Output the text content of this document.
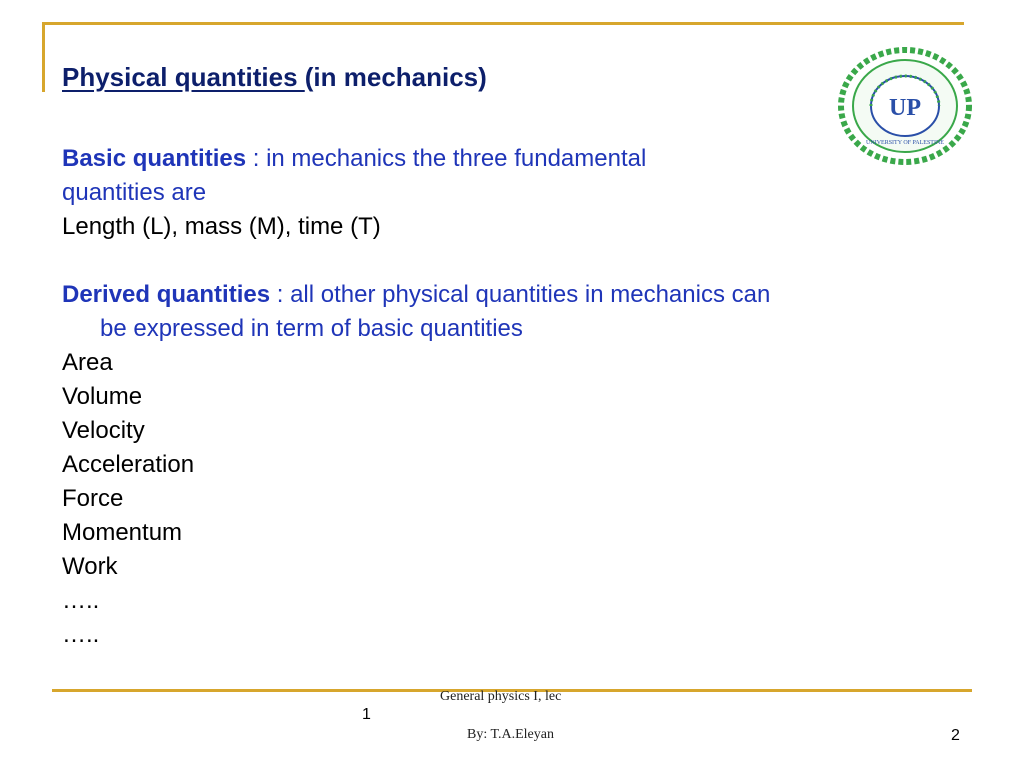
Physical quantities (in mechanics)
UP
UNIVERSITY OF PALESTINE
Basic quantities : in mechanics the three fundamental
quantities are
Length (L), mass (M), time (T)
Derived quantities : all other physical quantities in mechanics can
be expressed in term of basic quantities
Area
Volume
Velocity
Acceleration
Force
Momentum
Work
…..
…..
General physics I, lec
1
By: T.A.Eleyan	2
